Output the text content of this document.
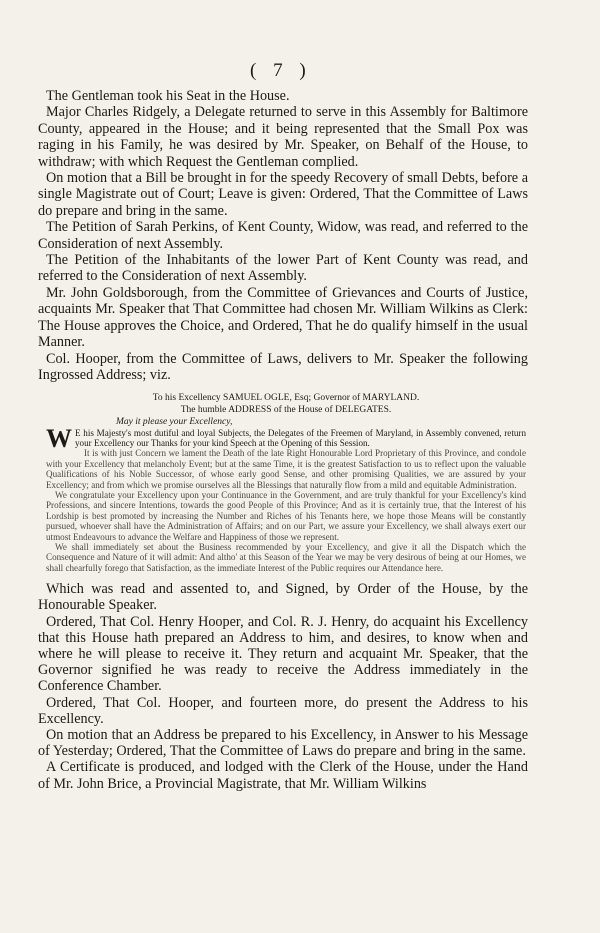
( 7 )

The Gentleman took his Seat in the House.

Major Charles Ridgely, a Delegate returned to serve in this Assembly for Baltimore County, appeared in the House; and it being represented that the Small Pox was raging in his Family, he was desired by Mr. Speaker, on Behalf of the House, to withdraw; with which Request the Gentleman complied.

On motion that a Bill be brought in for the speedy Recovery of small Debts, before a single Magistrate out of Court; Leave is given: Ordered, That the Committee of Laws do prepare and bring in the same.

The Petition of Sarah Perkins, of Kent County, Widow, was read, and referred to the Consideration of next Assembly.

The Petition of the Inhabitants of the lower Part of Kent County was read, and referred to the Consideration of next Assembly.

Mr. John Goldsborough, from the Committee of Grievances and Courts of Justice, acquaints Mr. Speaker that That Committee had chosen Mr. William Wilkins as Clerk: The House approves the Choice, and Ordered, That he do qualify himself in the usual Manner.

Col. Hooper, from the Committee of Laws, delivers to Mr. Speaker the following Ingrossed Address; viz.

To his Excellency SAMUEL OGLE, Esq; Governor of MARYLAND.
The humble ADDRESS of the House of DELEGATES.
May it please your Excellency,

W E his Majesty's most dutiful and loyal Subjects, the Delegates of the Freemen of Maryland, in Assembly convened, return your Excellency our Thanks for your kind Speech at the Opening of this Session.

It is with just Concern we lament the Death of the late Right Honourable Lord Proprietary of this Province, and condole with your Excellency that melancholy Event; but at the same Time, it is the greatest Satisfaction to us to reflect upon the valuable Qualifications of his Noble Successor, of whose early good Sense, and other promising Qualities, we are assured by your Excellency; and from which we promise ourselves all the Blessings that naturally flow from a mild and equitable Administration.

We congratulate your Excellency upon your Continuance in the Government, and are truly thankful for your Excellency's kind Professions, and sincere Intentions, towards the good People of this Province; And as it is certainly true, that the Interest of his Lordship is best promoted by increasing the Number and Riches of his Tenants here, we hope those Means will be constantly pursued, whoever shall have the Administration of Affairs; and on our Part, we assure your Excellency, we shall always exert our utmost Endeavours to advance the Welfare and Happiness of those we represent.

We shall immediately set about the Business recommended by your Excellency, and give it all the Dispatch which the Consequence and Nature of it will admit: And altho' at this Season of the Year we may be very desirous of being at our Homes, we shall chearfully forego that Satisfaction, as the immediate Interest of the Public requires our Attendance here.

Which was read and assented to, and Signed, by Order of the House, by the Honourable Speaker.

Ordered, That Col. Henry Hooper, and Col. R. J. Henry, do acquaint his Excellency that this House hath prepared an Address to him, and desires, to know when and where he will please to receive it. They return and acquaint Mr. Speaker, that the Governor signified he was ready to receive the Address immediately in the Conference Chamber.

Ordered, That Col. Hooper, and fourteen more, do present the Address to his Excellency.

On motion that an Address be prepared to his Excellency, in Answer to his Message of Yesterday; Ordered, That the Committee of Laws do prepare and bring in the same.

A Certificate is produced, and lodged with the Clerk of the House, under the Hand of Mr. John Brice, a Provincial Magistrate, that Mr. William Wilkins
